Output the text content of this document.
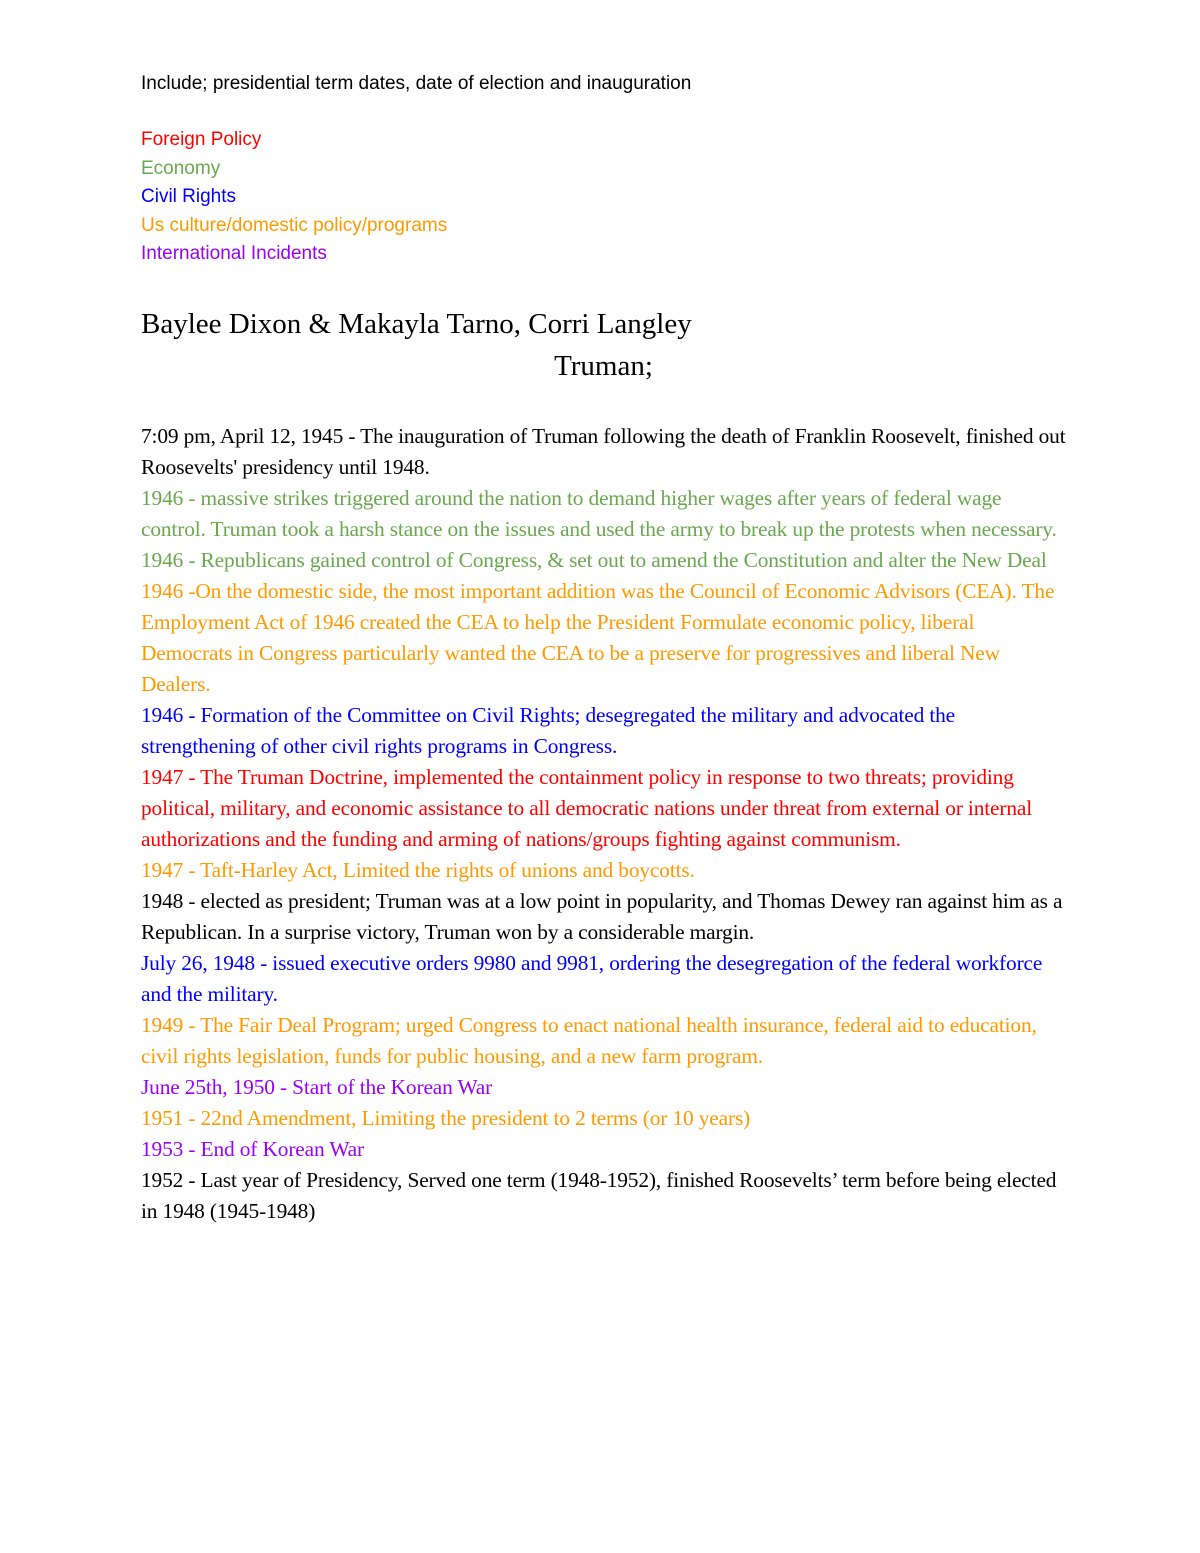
Include; presidential term dates, date of election and inauguration

Foreign Policy
Economy
Civil Rights
Us culture/domestic policy/programs
International Incidents
Baylee Dixon & Makayla Tarno, Corri Langley
Truman;

7:09 pm, April 12, 1945 - The inauguration of Truman following the death of Franklin Roosevelt, finished out Roosevelts' presidency until 1948.

1946 - massive strikes triggered around the nation to demand higher wages after years of federal wage control. Truman took a harsh stance on the issues and used the army to break up the protests when necessary.

1946 - Republicans gained control of Congress, & set out to amend the Constitution and alter the New Deal

1946 -On the domestic side, the most important addition was the Council of Economic Advisors (CEA). The Employment Act of 1946 created the CEA to help the President Formulate economic policy, liberal Democrats in Congress particularly wanted the CEA to be a preserve for progressives and liberal New Dealers.

1946 - Formation of the Committee on Civil Rights; desegregated the military and advocated the strengthening of other civil rights programs in Congress.

1947 - The Truman Doctrine, implemented the containment policy in response to two threats; providing political, military, and economic assistance to all democratic nations under threat from external or internal authorizations and the funding and arming of nations/groups fighting against communism.

1947 - Taft-Harley Act, Limited the rights of unions and boycotts.

1948 - elected as president; Truman was at a low point in popularity, and Thomas Dewey ran against him as a Republican. In a surprise victory, Truman won by a considerable margin.

July 26, 1948 - issued executive orders 9980 and 9981, ordering the desegregation of the federal workforce and the military.

1949 - The Fair Deal Program; urged Congress to enact national health insurance, federal aid to education, civil rights legislation, funds for public housing, and a new farm program.

June 25th, 1950 - Start of the Korean War

1951 - 22nd Amendment, Limiting the president to 2 terms (or 10 years)

1953 - End of Korean War

1952 - Last year of Presidency, Served one term (1948-1952), finished Roosevelts’ term before being elected in 1948 (1945-1948)
